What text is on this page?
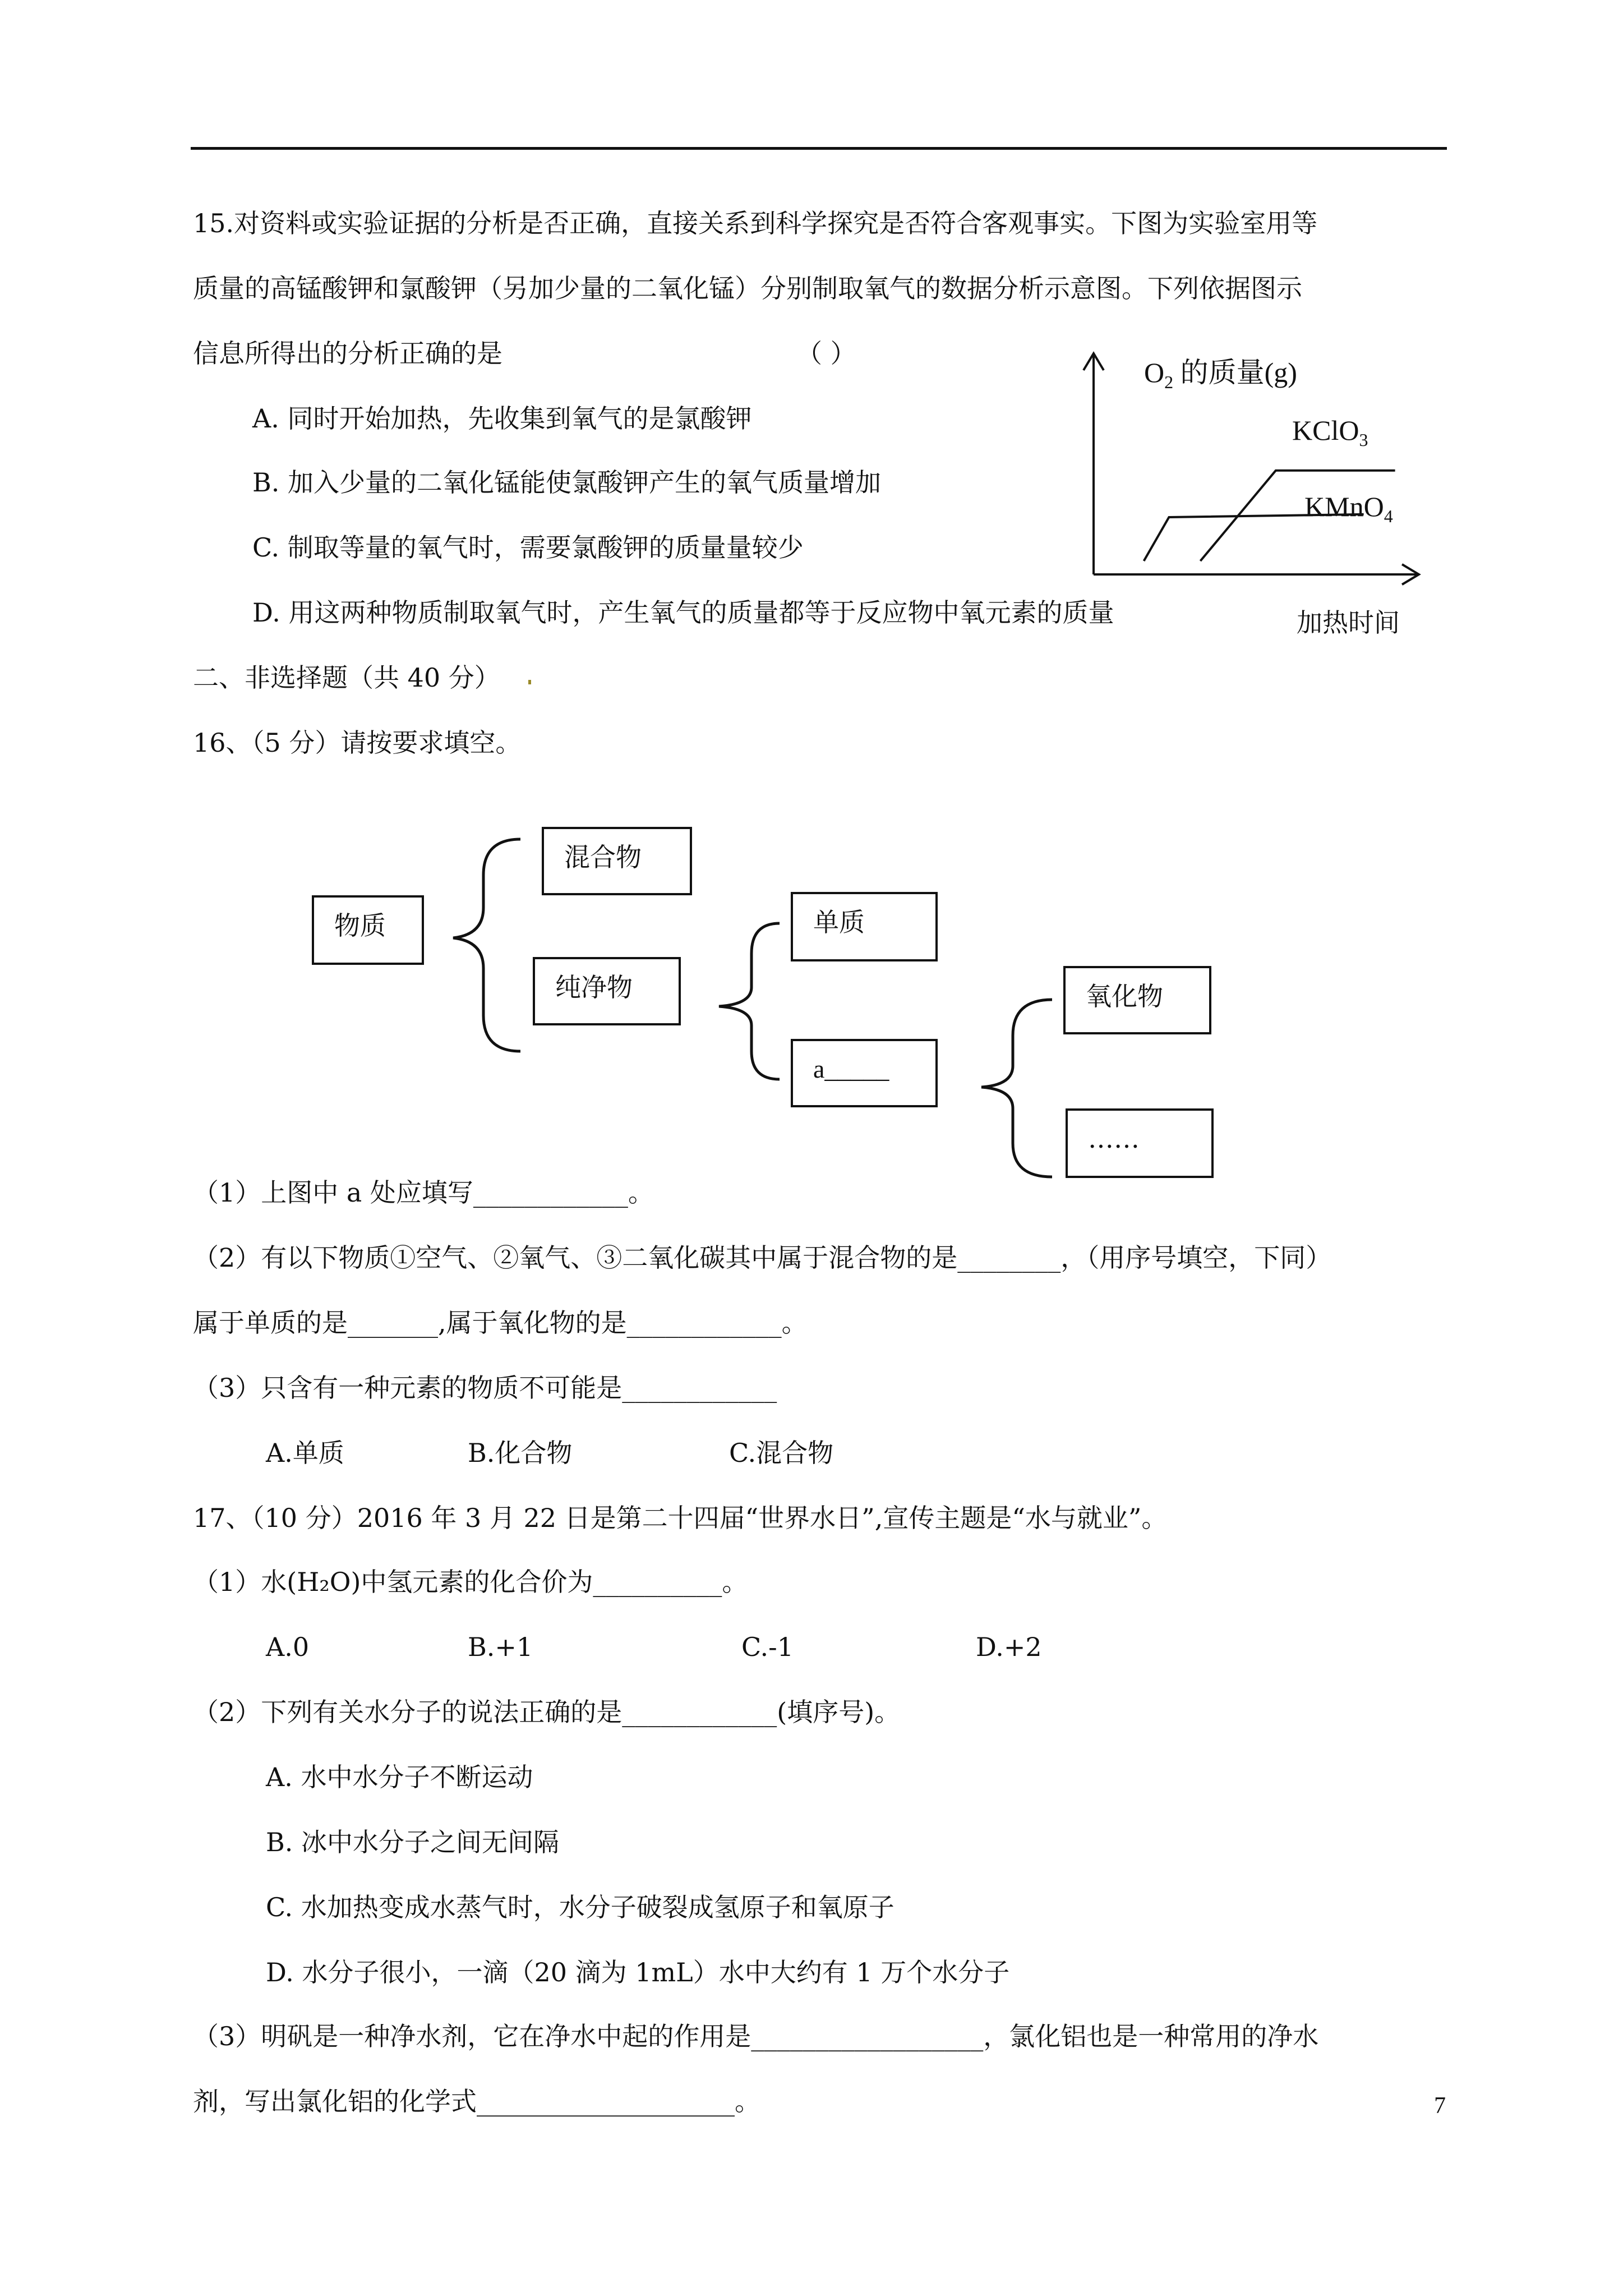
15.对资料或实验证据的分析是否正确，直接关系到科学探究是否符合客观事实。下图为实验室用等
质量的高锰酸钾和氯酸钾（另加少量的二氧化锰）分别制取氧气的数据分析示意图。下列依据图示
信息所得出的分析正确的是	（ ）
A. 同时开始加热，先收集到氧气的是氯酸钾
B. 加入少量的二氧化锰能使氯酸钾产生的氧气质量增加
C. 制取等量的氧气时，需要氯酸钾的质量量较少
D. 用这两种物质制取氧气时，产生氧气的质量都等于反应物中氧元素的质量
$O_2$ 的质量(g)
KClO$_3$
KMnO$_4$
加热时间
二、非选择题（共 40 分）
16、（5 分）请按要求填空。
物质
混合物
纯净物
单质
a_____
氧化物
……
（1）上图中 a 处应填写____________。
（2）有以下物质①空气、②氧气、③二氧化碳其中属于混合物的是________，（用序号填空，下同）
属于单质的是_______,属于氧化物的是____________。
（3）只含有一种元素的物质不可能是____________
A.单质	B.化合物	C.混合物
17、（10 分）2016 年 3 月 22 日是第二十四届“世界水日”,宣传主题是“水与就业”。
（1）水(H₂O)中氢元素的化合价为__________。
A.0	B.+1	C.-1	D.+2
（2）下列有关水分子的说法正确的是____________(填序号)。
A. 水中水分子不断运动
B. 冰中水分子之间无间隔
C. 水加热变成水蒸气时，水分子破裂成氢原子和氧原子
D. 水分子很小，一滴（20 滴为 1mL）水中大约有 1 万个水分子
（3）明矾是一种净水剂，它在净水中起的作用是__________________，氯化铝也是一种常用的净水
剂，写出氯化铝的化学式____________________。	7
